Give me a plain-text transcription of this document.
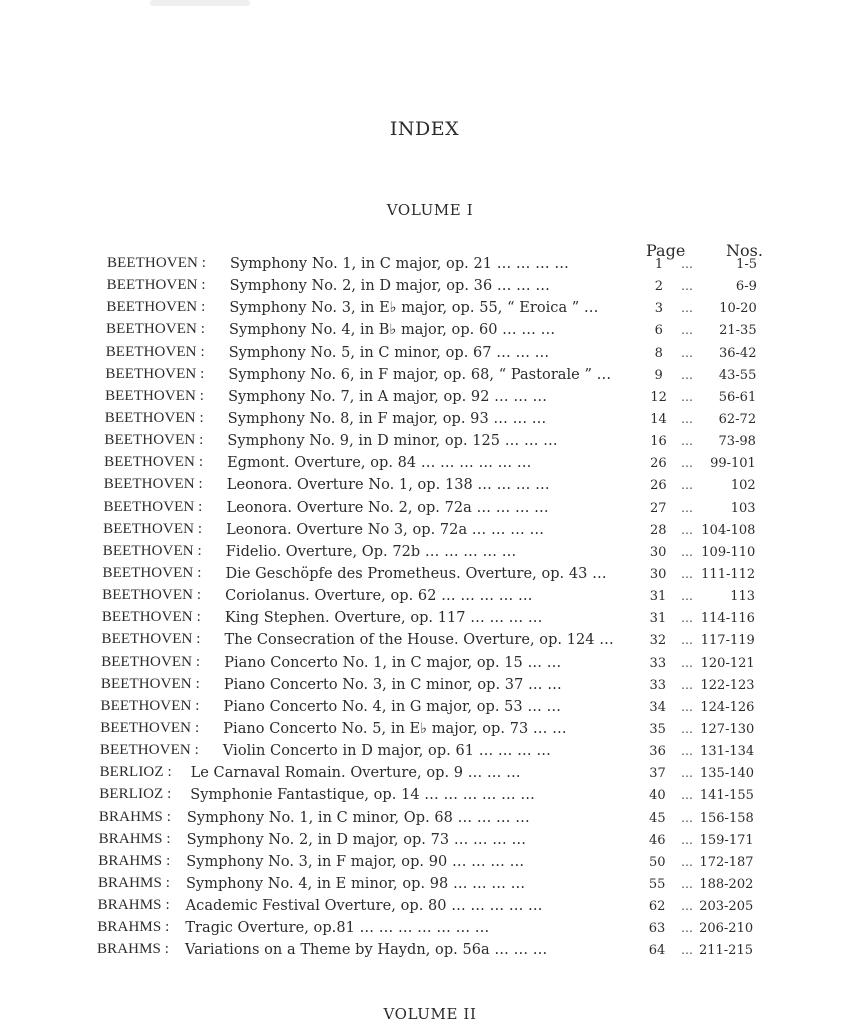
INDEX
VOLUME I
Page	Nos.
BEETHOVEN : Symphony No. 1, in C major, op. 21 … … … …	1	…	1-5
BEETHOVEN : Symphony No. 2, in D major, op. 36 … … …	2	…	6-9
BEETHOVEN : Symphony No. 3, in E♭ major, op. 55, “ Eroica ” …	3	…	10-20
BEETHOVEN : Symphony No. 4, in B♭ major, op. 60 … … …	6	…	21-35
BEETHOVEN : Symphony No. 5, in C minor, op. 67 … … …	8	…	36-42
BEETHOVEN : Symphony No. 6, in F major, op. 68, “ Pastorale ” …	9	…	43-55
BEETHOVEN : Symphony No. 7, in A major, op. 92 … … …	12	…	56-61
BEETHOVEN : Symphony No. 8, in F major, op. 93 … … …	14	…	62-72
BEETHOVEN : Symphony No. 9, in D minor, op. 125 … … …	16	…	73-98
BEETHOVEN : Egmont. Overture, op. 84 … … … … … …	26	…	99-101
BEETHOVEN : Leonora. Overture No. 1, op. 138 … … … …	26	…	102
BEETHOVEN : Leonora. Overture No. 2, op. 72a … … … …	27	…	103
BEETHOVEN : Leonora. Overture No 3, op. 72a … … … …	28	… 104-108
BEETHOVEN : Fidelio. Overture, Op. 72b … … … … …	30	… 109-110
BEETHOVEN : Die Geschöpfe des Prometheus. Overture, op. 43 …	30	… 111-112
BEETHOVEN : Coriolanus. Overture, op. 62 … … … … …	31	…	113
BEETHOVEN : King Stephen. Overture, op. 117 … … … …	31	… 114-116
BEETHOVEN : The Consecration of the House. Overture, op. 124 …	32	… 117-119
BEETHOVEN : Piano Concerto No. 1, in C major, op. 15 … …	33	… 120-121
BEETHOVEN : Piano Concerto No. 3, in C minor, op. 37 … …	33	… 122-123
BEETHOVEN : Piano Concerto No. 4, in G major, op. 53 … …	34	… 124-126
BEETHOVEN : Piano Concerto No. 5, in E♭ major, op. 73 … …	35	… 127-130
BEETHOVEN : Violin Concerto in D major, op. 61 … … … …	36	… 131-134
BERLIOZ : Le Carnaval Romain. Overture, op. 9 … … …	37	… 135-140
BERLIOZ : Symphonie Fantastique, op. 14 … … … … … …	40	… 141-155
BRAHMS : Symphony No. 1, in C minor, Op. 68 … … … …	45	… 156-158
BRAHMS : Symphony No. 2, in D major, op. 73 … … … …	46	… 159-171
BRAHMS : Symphony No. 3, in F major, op. 90 … … … …	50	… 172-187
BRAHMS : Symphony No. 4, in E minor, op. 98 … … … …	55	… 188-202
BRAHMS : Academic Festival Overture, op. 80 … … … … …	62	… 203-205
BRAHMS : Tragic Overture, op.81 … … … … … … …	63	… 206-210
BRAHMS : Variations on a Theme by Haydn, op. 56a … … …	64	… 211-215
VOLUME II
